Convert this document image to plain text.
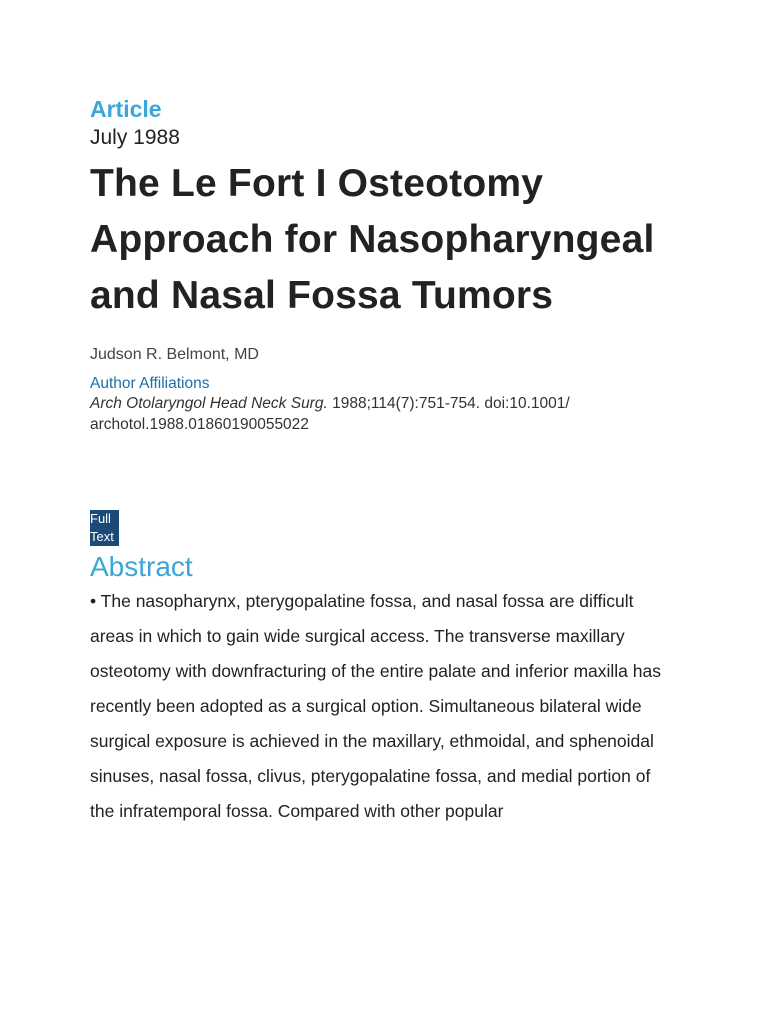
Article

July 1988

The Le Fort I Osteotomy Approach for Nasopharyngeal and Nasal Fossa Tumors

Judson R. Belmont, MD

Author Affiliations

Arch Otolaryngol Head Neck Surg. 1988;114(7):751-754. doi:10.1001/ archotol.1988.01860190055022

Full Text
Abstract

• The nasopharynx, pterygopalatine fossa, and nasal fossa are difficult areas in which to gain wide surgical access. The transverse maxillary osteotomy with downfracturing of the entire palate and inferior maxilla has recently been adopted as a surgical option. Simultaneous bilateral wide surgical exposure is achieved in the maxillary, ethmoidal, and sphenoidal sinuses, nasal fossa, clivus, pterygopalatine fossa, and medial portion of the infratemporal fossa. Compared with other popular
